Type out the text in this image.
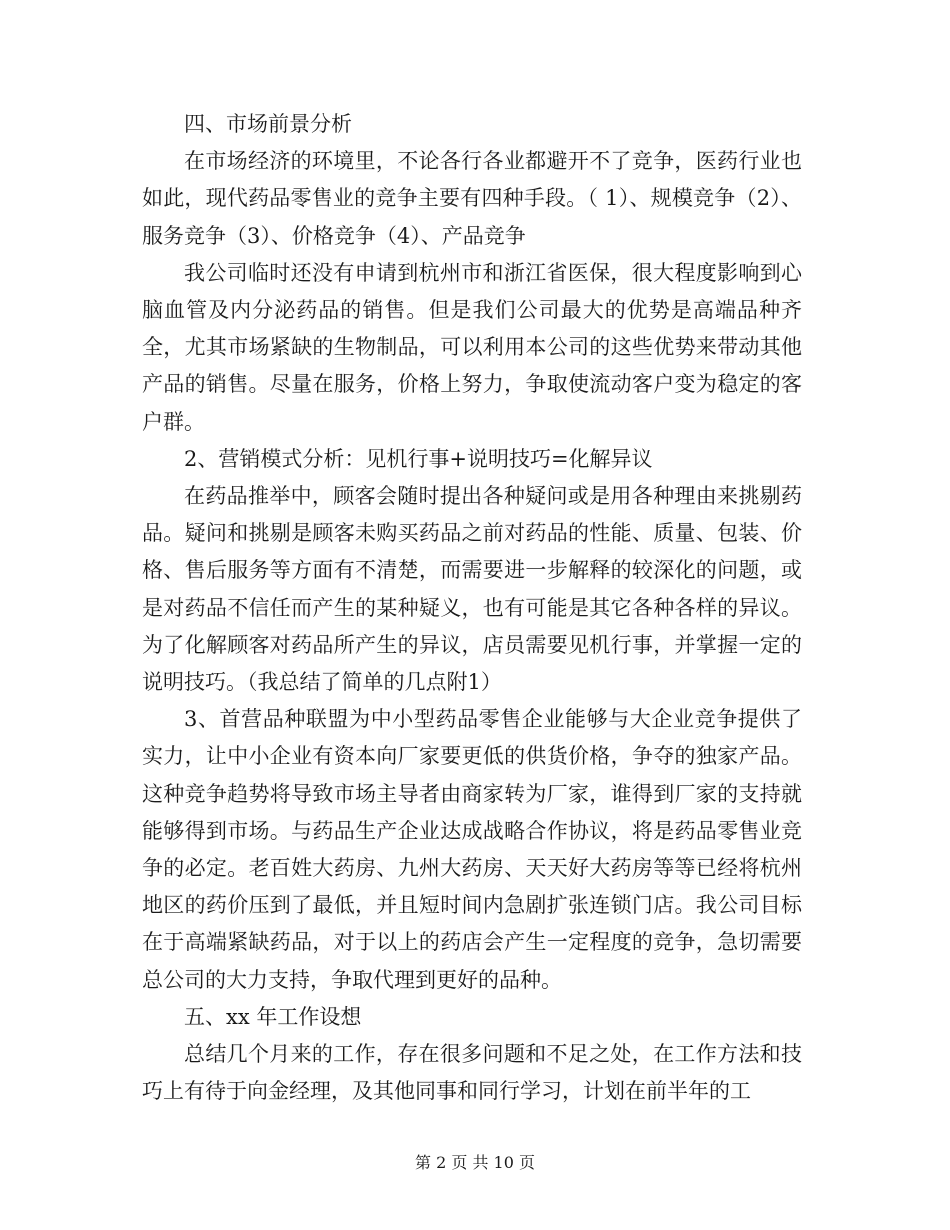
四、市场前景分析

在市场经济的环境里，不论各行各业都避开不了竞争，医药行业也如此，现代药品零售业的竞争主要有四种手段。（ 1）、规模竞争（2）、服务竞争（3）、价格竞争（4）、产品竞争

我公司临时还没有申请到杭州市和浙江省医保，很大程度影响到心脑血管及内分泌药品的销售。但是我们公司最大的优势是高端品种齐全，尤其市场紧缺的生物制品，可以利用本公司的这些优势来带动其他产品的销售。尽量在服务，价格上努力，争取使流动客户变为稳定的客户群。

2、营销模式分析：见机行事+说明技巧=化解异议

在药品推举中，顾客会随时提出各种疑问或是用各种理由来挑剔药品。疑问和挑剔是顾客未购买药品之前对药品的性能、质量、包装、价格、售后服务等方面有不清楚，而需要进一步解释的较深化的问题，或是对药品不信任而产生的某种疑义，也有可能是其它各种各样的异议。为了化解顾客对药品所产生的异议，店员需要见机行事，并掌握一定的说明技巧。（我总结了简单的几点附1）

3、首营品种联盟为中小型药品零售企业能够与大企业竞争提供了实力，让中小企业有资本向厂家要更低的供货价格，争夺的独家产品。这种竞争趋势将导致市场主导者由商家转为厂家，谁得到厂家的支持就能够得到市场。与药品生产企业达成战略合作协议，将是药品零售业竞争的必定。老百姓大药房、九州大药房、天天好大药房等等已经将杭州地区的药价压到了最低，并且短时间内急剧扩张连锁门店。我公司目标在于高端紧缺药品，对于以上的药店会产生一定程度的竞争，急切需要总公司的大力支持，争取代理到更好的品种。

五、xx 年工作设想

总结几个月来的工作，存在很多问题和不足之处，在工作方法和技巧上有待于向金经理，及其他同事和同行学习，计划在前半年的工

第 2 页 共 10 页
